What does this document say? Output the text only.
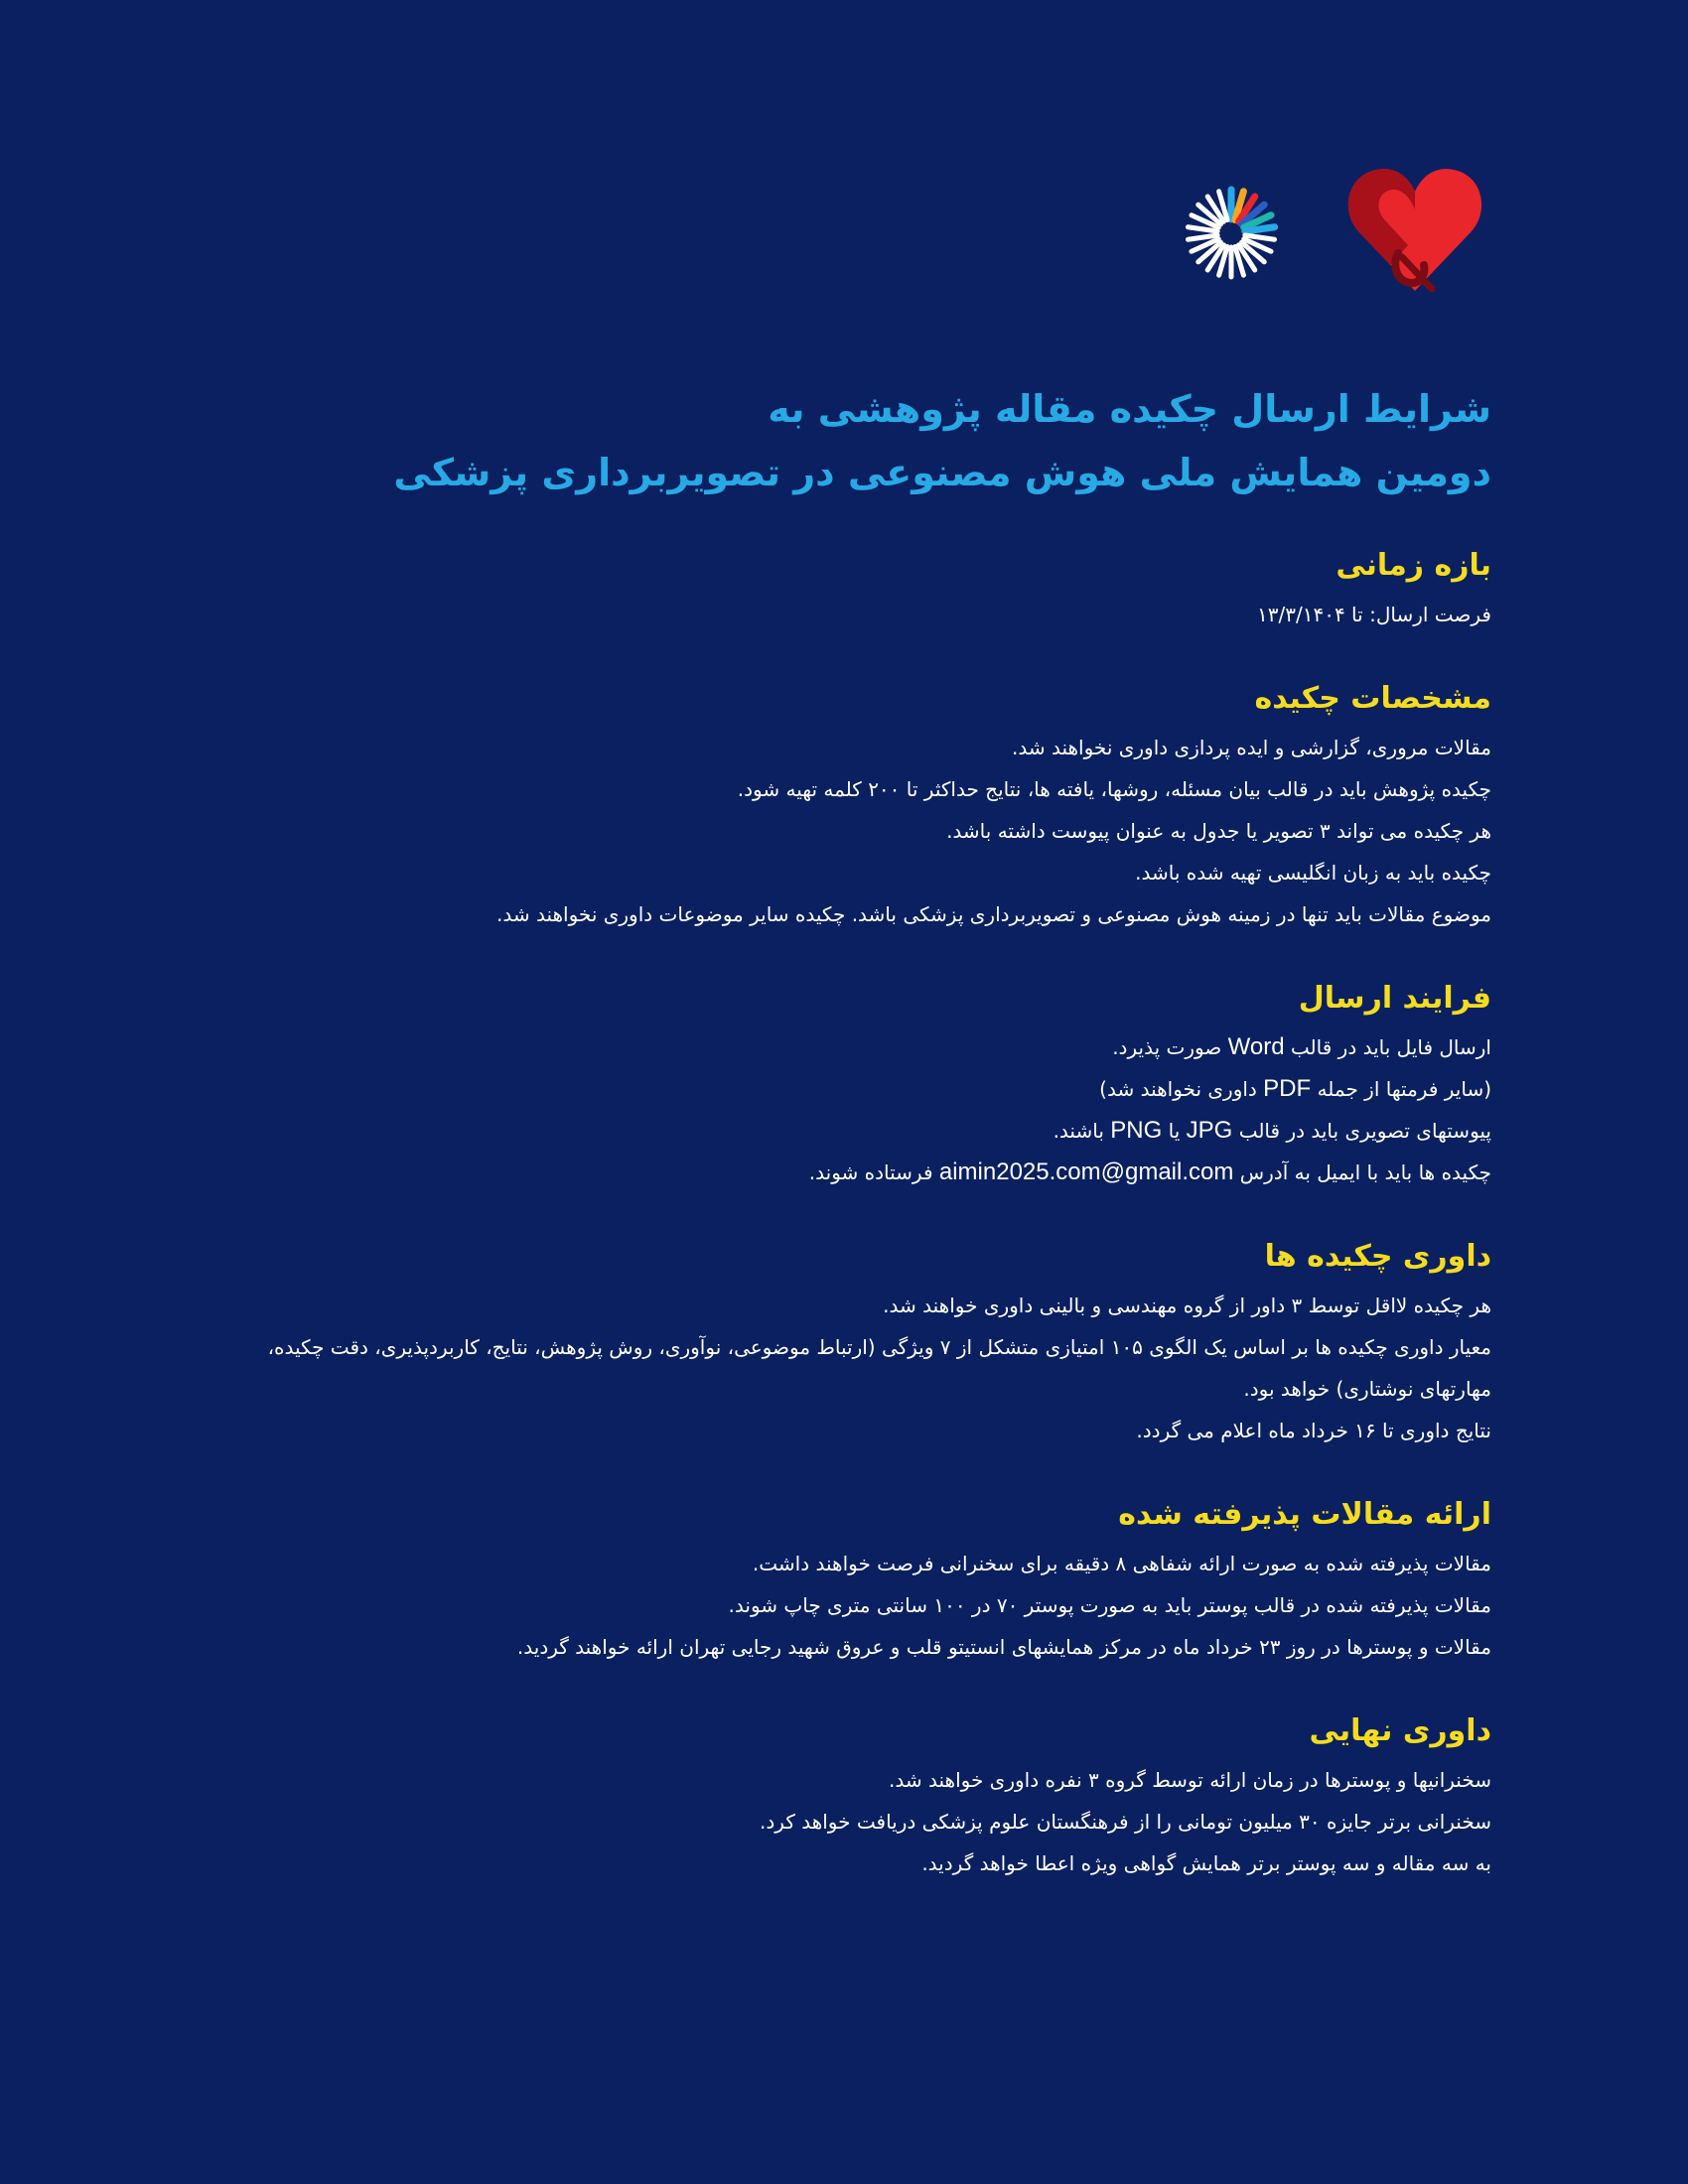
شرایط ارسال چکیده مقاله پژوهشی به
دومین همایش ملی هوش مصنوعی در تصویربرداری پزشکی
بازه زمانی

فرصت ارسال: تا ۱۳/۳/۱۴۰۴

مشخصات چکیده

مقالات مروری، گزارشی و ایده پردازی داوری نخواهند شد.

چکیده پژوهش باید در قالب بیان مسئله، روشها، یافته ها، نتایج حداکثر تا ۲۰۰ کلمه تهیه شود.

هر چکیده می تواند ۳ تصویر یا جدول به عنوان پیوست داشته باشد.

چکیده باید به زبان انگلیسی تهیه شده باشد.

موضوع مقالات باید تنها در زمینه هوش مصنوعی و تصویربرداری پزشکی باشد. چکیده سایر موضوعات داوری نخواهند شد.

فرایند ارسال

ارسال فایل باید در قالب Word صورت پذیرد.

(سایر فرمتها از جمله PDF داوری نخواهند شد)

پیوستهای تصویری باید در قالب JPG یا PNG باشند.

چکیده ها باید با ایمیل به آدرس aimin2025.com@gmail.com فرستاده شوند.

داوری چکیده ها

هر چکیده لااقل توسط ۳ داور از گروه مهندسی و بالینی داوری خواهند شد.

معیار داوری چکیده ها بر اساس یک الگوی ۱۰۵ امتیازی متشکل از ۷ ویژگی (ارتباط موضوعی، نوآوری، روش پژوهش، نتایج، کاربردپذیری، دقت چکیده، مهارتهای نوشتاری) خواهد بود.

نتایج داوری تا ۱۶ خرداد ماه اعلام می گردد.

ارائه مقالات پذیرفته شده

مقالات پذیرفته شده به صورت ارائه شفاهی ۸ دقیقه برای سخنرانی فرصت خواهند داشت.

مقالات پذیرفته شده در قالب پوستر باید به صورت پوستر ۷۰ در ۱۰۰ سانتی متری چاپ شوند.

مقالات و پوسترها در روز ۲۳ خرداد ماه در مرکز همایشهای انستیتو قلب و عروق شهید رجایی تهران ارائه خواهند گردید.

داوری نهایی

سخنرانیها و پوسترها در زمان ارائه توسط گروه ۳ نفره داوری خواهند شد.

سخنرانی برتر جایزه ۳۰ میلیون تومانی را از فرهنگستان علوم پزشکی دریافت خواهد کرد.

به سه مقاله و سه پوستر برتر همایش گواهی ویژه اعطا خواهد گردید.
